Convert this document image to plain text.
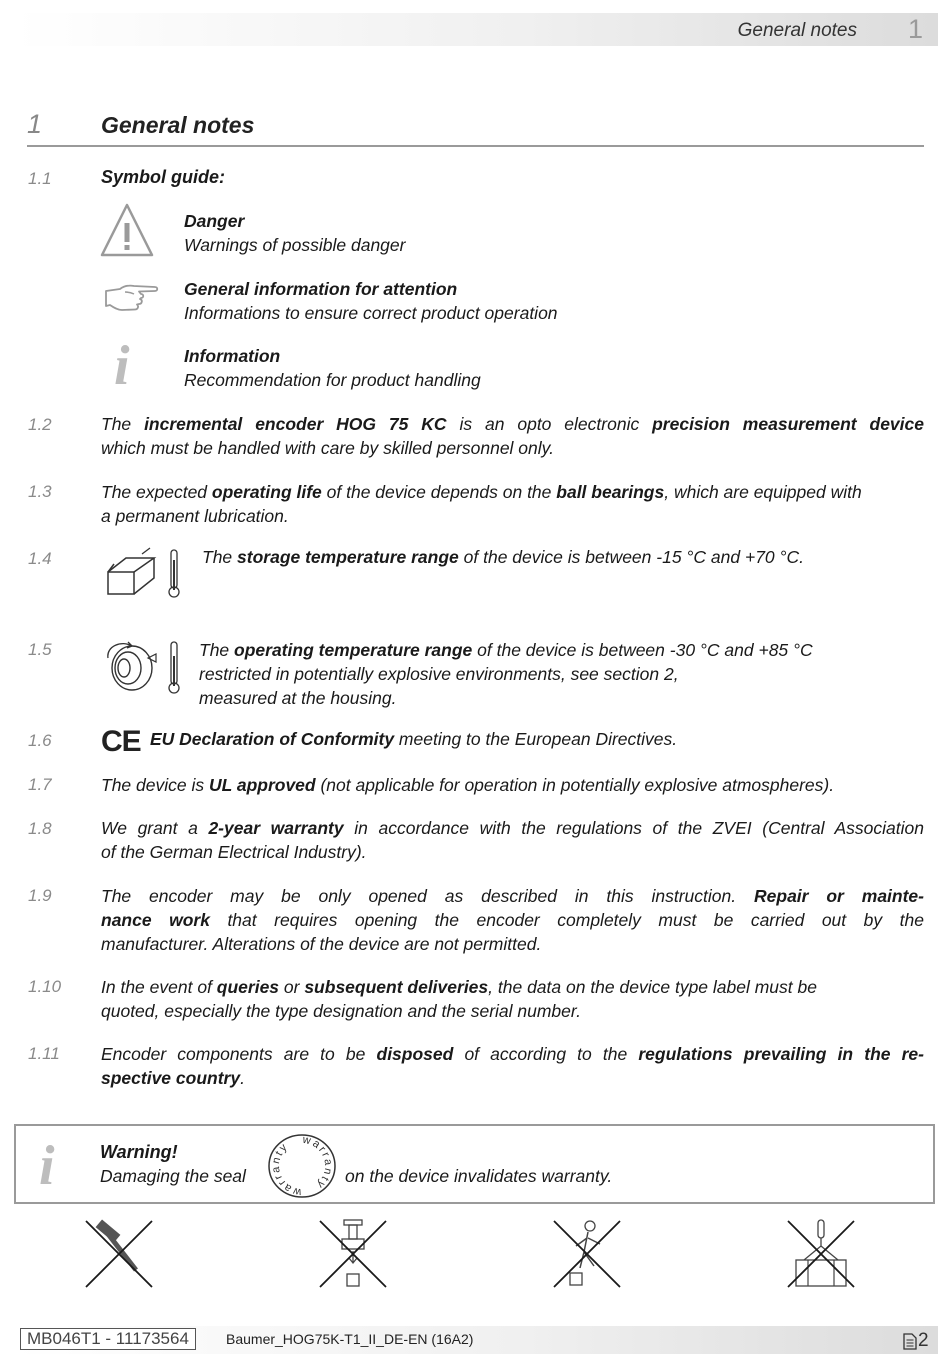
General notes 1
1	General notes
1.1	Symbol guide:
Danger
Warnings of possible danger
General information for attention
Informations to ensure correct product operation
i	Information
Recommendation for product handling
1.2	The incremental encoder HOG 75 KC is an opto electronic precision measurement device
which must be handled with care by skilled personnel only.
1.3	The expected operating life of the device depends on the ball bearings, which are equipped with
a permanent lubrication.
1.4	The storage temperature range of the device is between -15 °C and +70 °C.
1.5	The operating temperature range of the device is between -30 °C and +85 °C
restricted in potentially explosive environments, see section 2,
measured at the housing.
1.6 CE EU Declaration of Conformity meeting to the European Directives.
1.7	The device is UL approved (not applicable for operation in potentially explosive atmospheres).
1.8	We grant a 2-year warranty in accordance with the regulations of the ZVEI (Central Association
of the German Electrical Industry).
1.9	The encoder may be only opened as described in this instruction. Repair or mainte-
nance work that requires opening the encoder completely must be carried out by the
manufacturer. Alterations of the device are not permitted.
1.10 In the event of queries or subsequent deliveries, the data on the device type label must be
quoted, especially the type designation and the serial number.
1.11 Encoder components are to be disposed of according to the regulations prevailing in the re-
spective country.
i	Warning!
Damaging the seal
warranty warranty	on the device invalidates warranty.
MB046T1 - 11173564	Baumer_HOG75K-T1_II_DE-EN (16A2)	2
